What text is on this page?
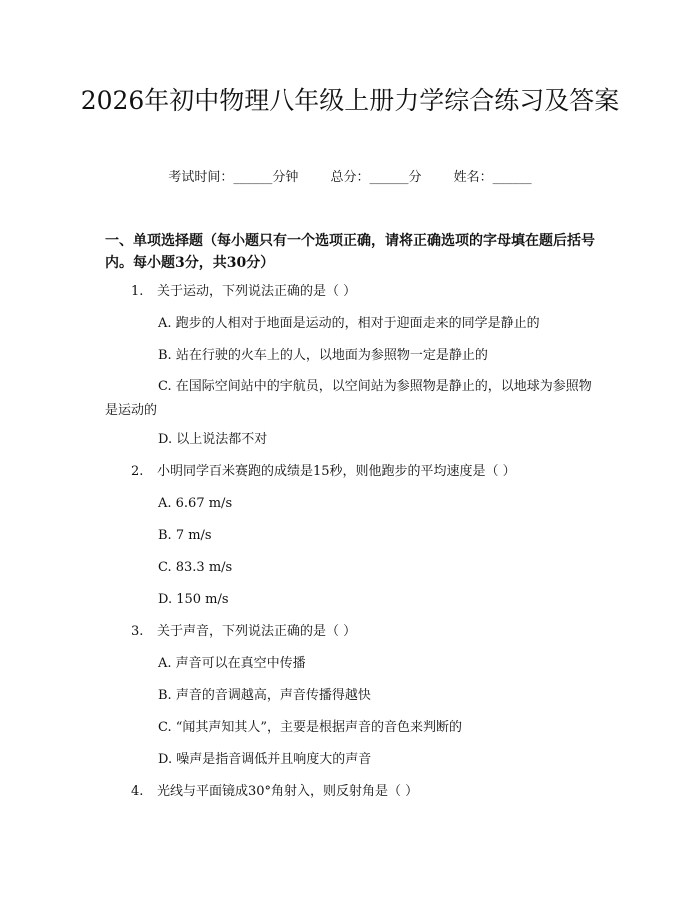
2026年初中物理八年级上册力学综合练习及答案
考试时间：______分钟 总分：______分 姓名：______

一、单项选择题（每小题只有一个选项正确，请将正确选项的字母填在题后括号内。每小题3分，共30分）

1. 关于运动，下列说法正确的是（ ）
A. 跑步的人相对于地面是运动的，相对于迎面走来的同学是静止的
B. 站在行驶的火车上的人，以地面为参照物一定是静止的
C. 在国际空间站中的宇航员，以空间站为参照物是静止的，以地球为参照物是运动的
D. 以上说法都不对
2. 小明同学百米赛跑的成绩是15秒，则他跑步的平均速度是（ ）
A. 6.67 m/s
B. 7 m/s
C. 83.3 m/s
D. 150 m/s
3. 关于声音，下列说法正确的是（ ）
A. 声音可以在真空中传播
B. 声音的音调越高，声音传播得越快
C. “闻其声知其人”，主要是根据声音的音色来判断的
D. 噪声是指音调低并且响度大的声音
4. 光线与平面镜成30°角射入，则反射角是（ ）
